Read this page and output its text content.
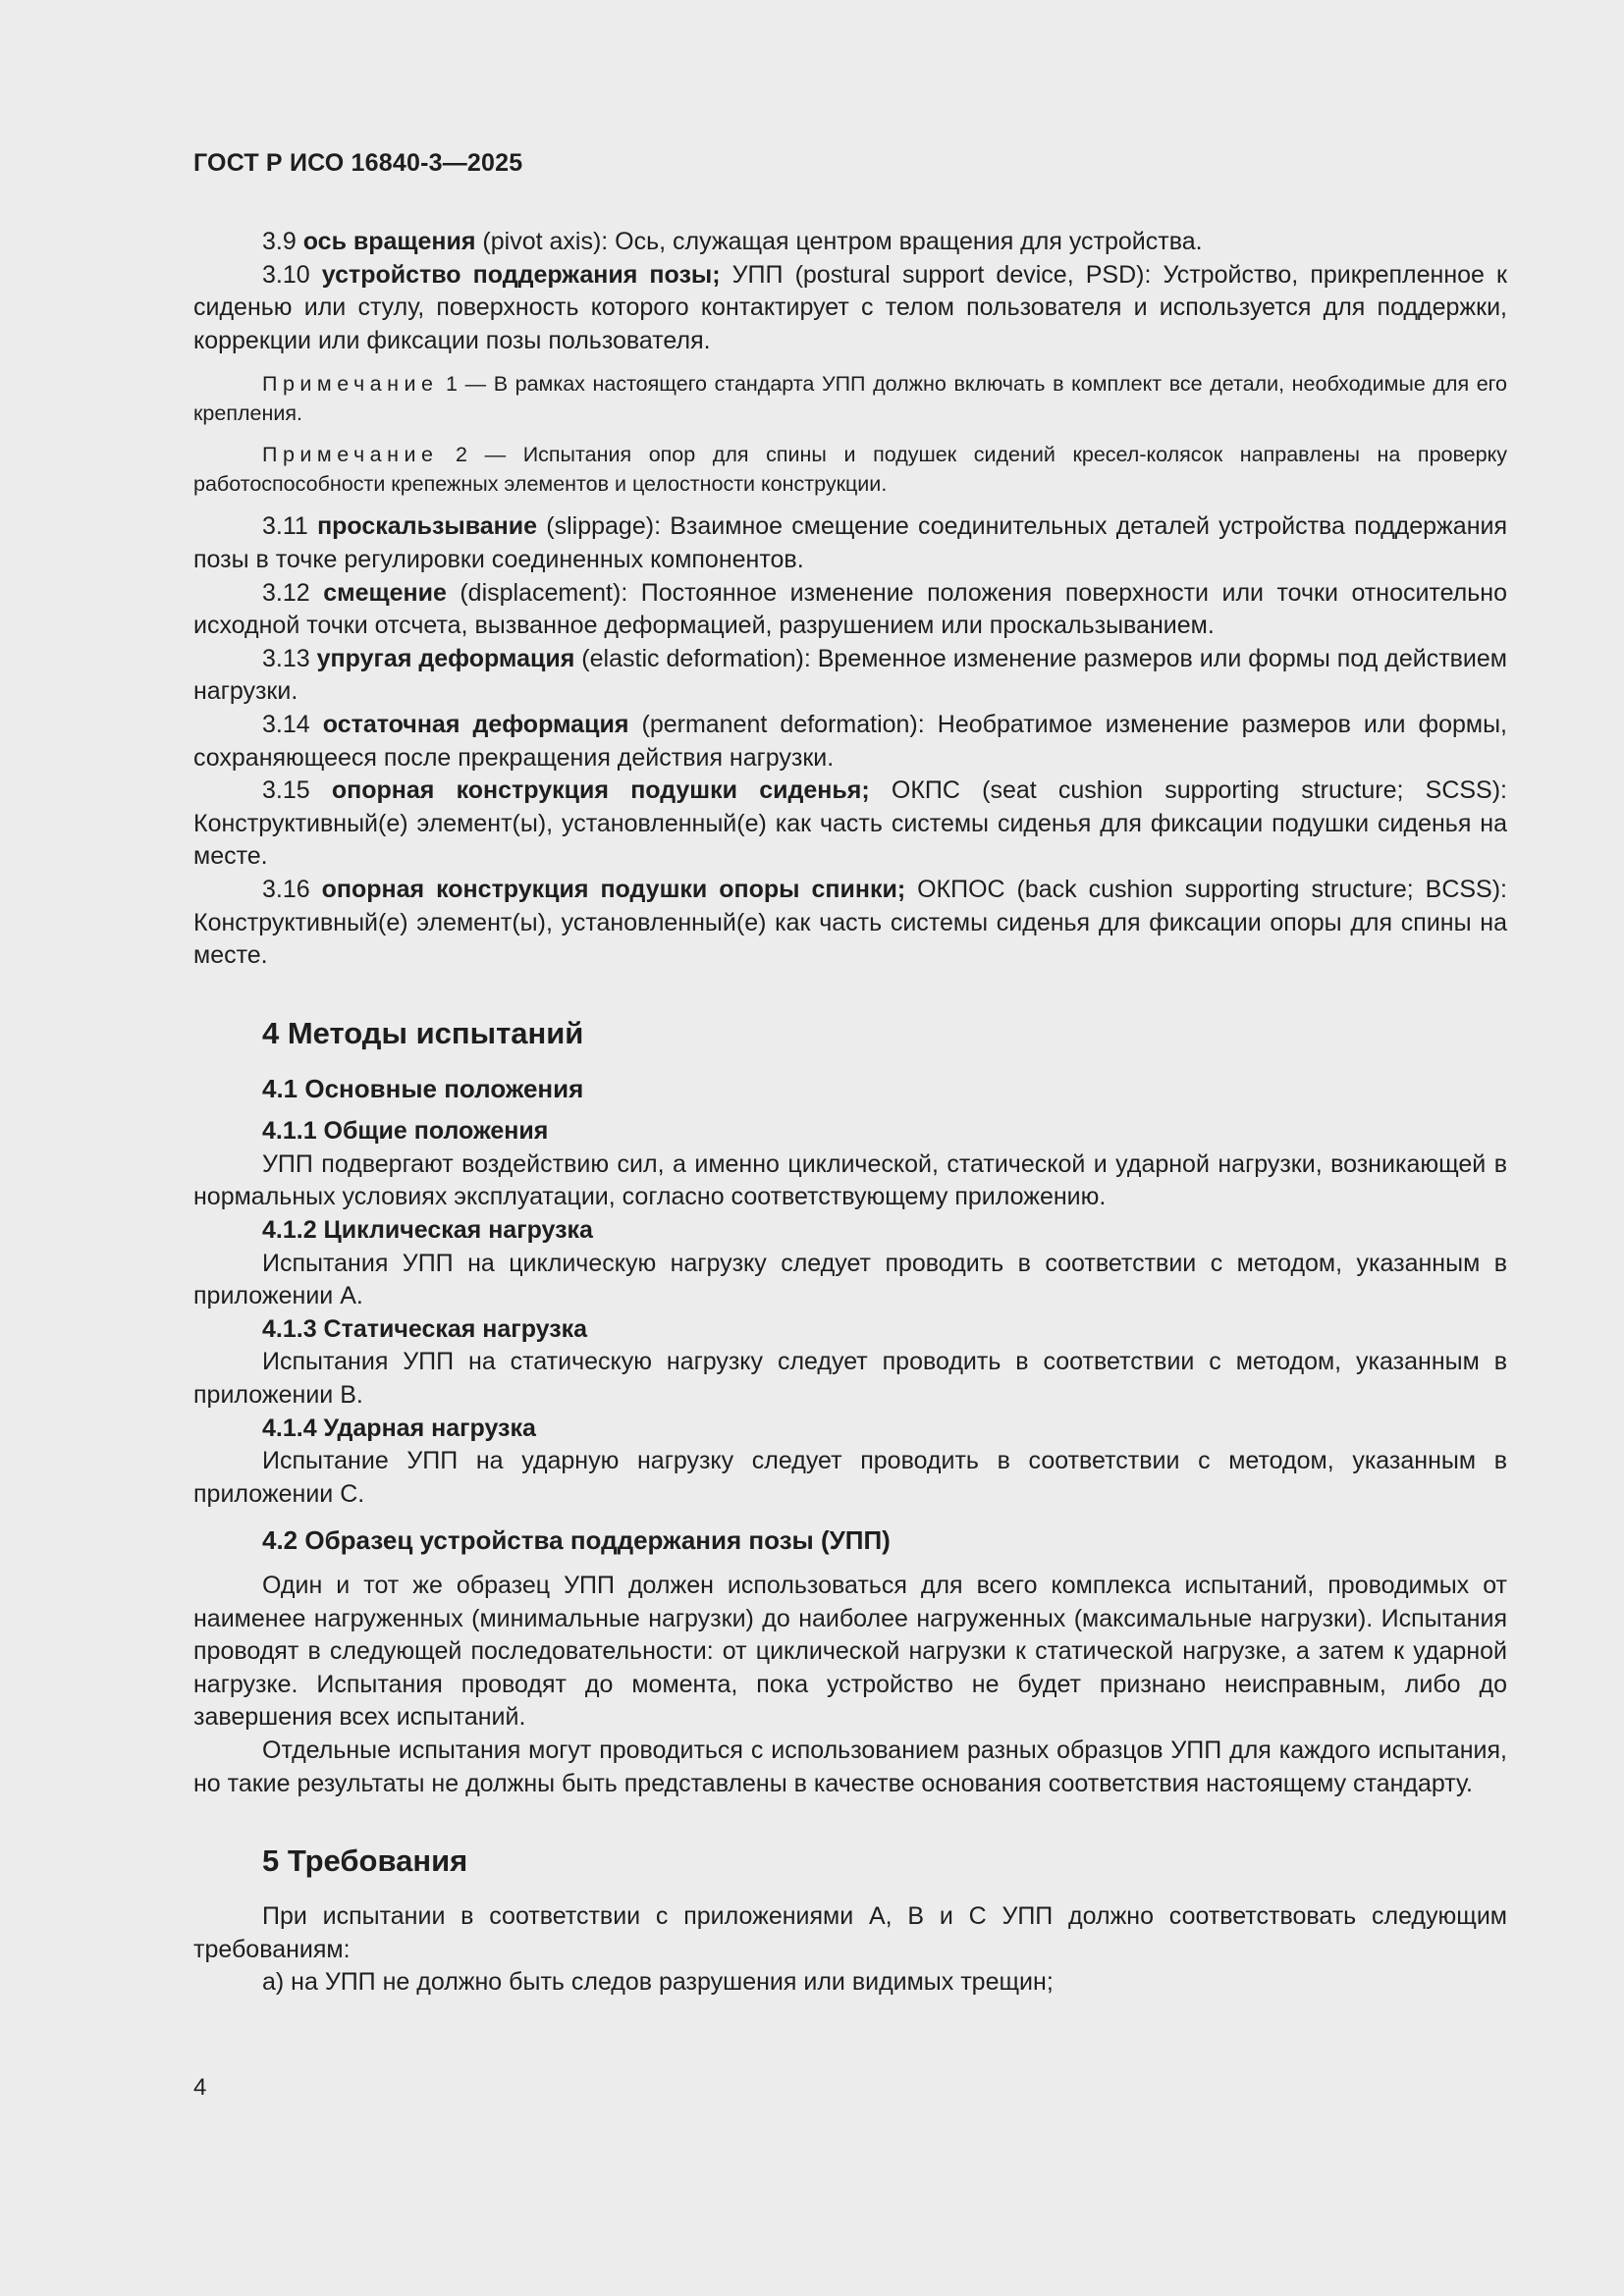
ГОСТ Р ИСО 16840-3—2025

3.9 ось вращения (pivot axis): Ось, служащая центром вращения для устройства.

3.10 устройство поддержания позы; УПП (postural support device, PSD): Устройство, прикрепленное к сиденью или стулу, поверхность которого контактирует с телом пользователя и используется для поддержки, коррекции или фиксации позы пользователя.

Примечание 1 — В рамках настоящего стандарта УПП должно включать в комплект все детали, необходимые для его крепления.

Примечание 2 — Испытания опор для спины и подушек сидений кресел-колясок направлены на проверку работоспособности крепежных элементов и целостности конструкции.

3.11 проскальзывание (slippage): Взаимное смещение соединительных деталей устройства поддержания позы в точке регулировки соединенных компонентов.

3.12 смещение (displacement): Постоянное изменение положения поверхности или точки относительно исходной точки отсчета, вызванное деформацией, разрушением или проскальзыванием.

3.13 упругая деформация (elastic deformation): Временное изменение размеров или формы под действием нагрузки.

3.14 остаточная деформация (permanent deformation): Необратимое изменение размеров или формы, сохраняющееся после прекращения действия нагрузки.

3.15 опорная конструкция подушки сиденья; ОКПС (seat cushion supporting structure; SCSS): Конструктивный(е) элемент(ы), установленный(е) как часть системы сиденья для фиксации подушки сиденья на месте.

3.16 опорная конструкция подушки опоры спинки; ОКПОС (back cushion supporting structure; BCSS): Конструктивный(е) элемент(ы), установленный(е) как часть системы сиденья для фиксации опоры для спины на месте.

4 Методы испытаний

4.1 Основные положения

4.1.1 Общие положения

УПП подвергают воздействию сил, а именно циклической, статической и ударной нагрузки, возникающей в нормальных условиях эксплуатации, согласно соответствующему приложению.

4.1.2 Циклическая нагрузка

Испытания УПП на циклическую нагрузку следует проводить в соответствии с методом, указанным в приложении А.

4.1.3 Статическая нагрузка

Испытания УПП на статическую нагрузку следует проводить в соответствии с методом, указанным в приложении В.

4.1.4 Ударная нагрузка

Испытание УПП на ударную нагрузку следует проводить в соответствии с методом, указанным в приложении С.

4.2 Образец устройства поддержания позы (УПП)

Один и тот же образец УПП должен использоваться для всего комплекса испытаний, проводимых от наименее нагруженных (минимальные нагрузки) до наиболее нагруженных (максимальные нагрузки). Испытания проводят в следующей последовательности: от циклической нагрузки к статической нагрузке, а затем к ударной нагрузке. Испытания проводят до момента, пока устройство не будет признано неисправным, либо до завершения всех испытаний.

Отдельные испытания могут проводиться с использованием разных образцов УПП для каждого испытания, но такие результаты не должны быть представлены в качестве основания соответствия настоящему стандарту.

5 Требования

При испытании в соответствии с приложениями А, В и С УПП должно соответствовать следующим требованиям:

а) на УПП не должно быть следов разрушения или видимых трещин;

4
